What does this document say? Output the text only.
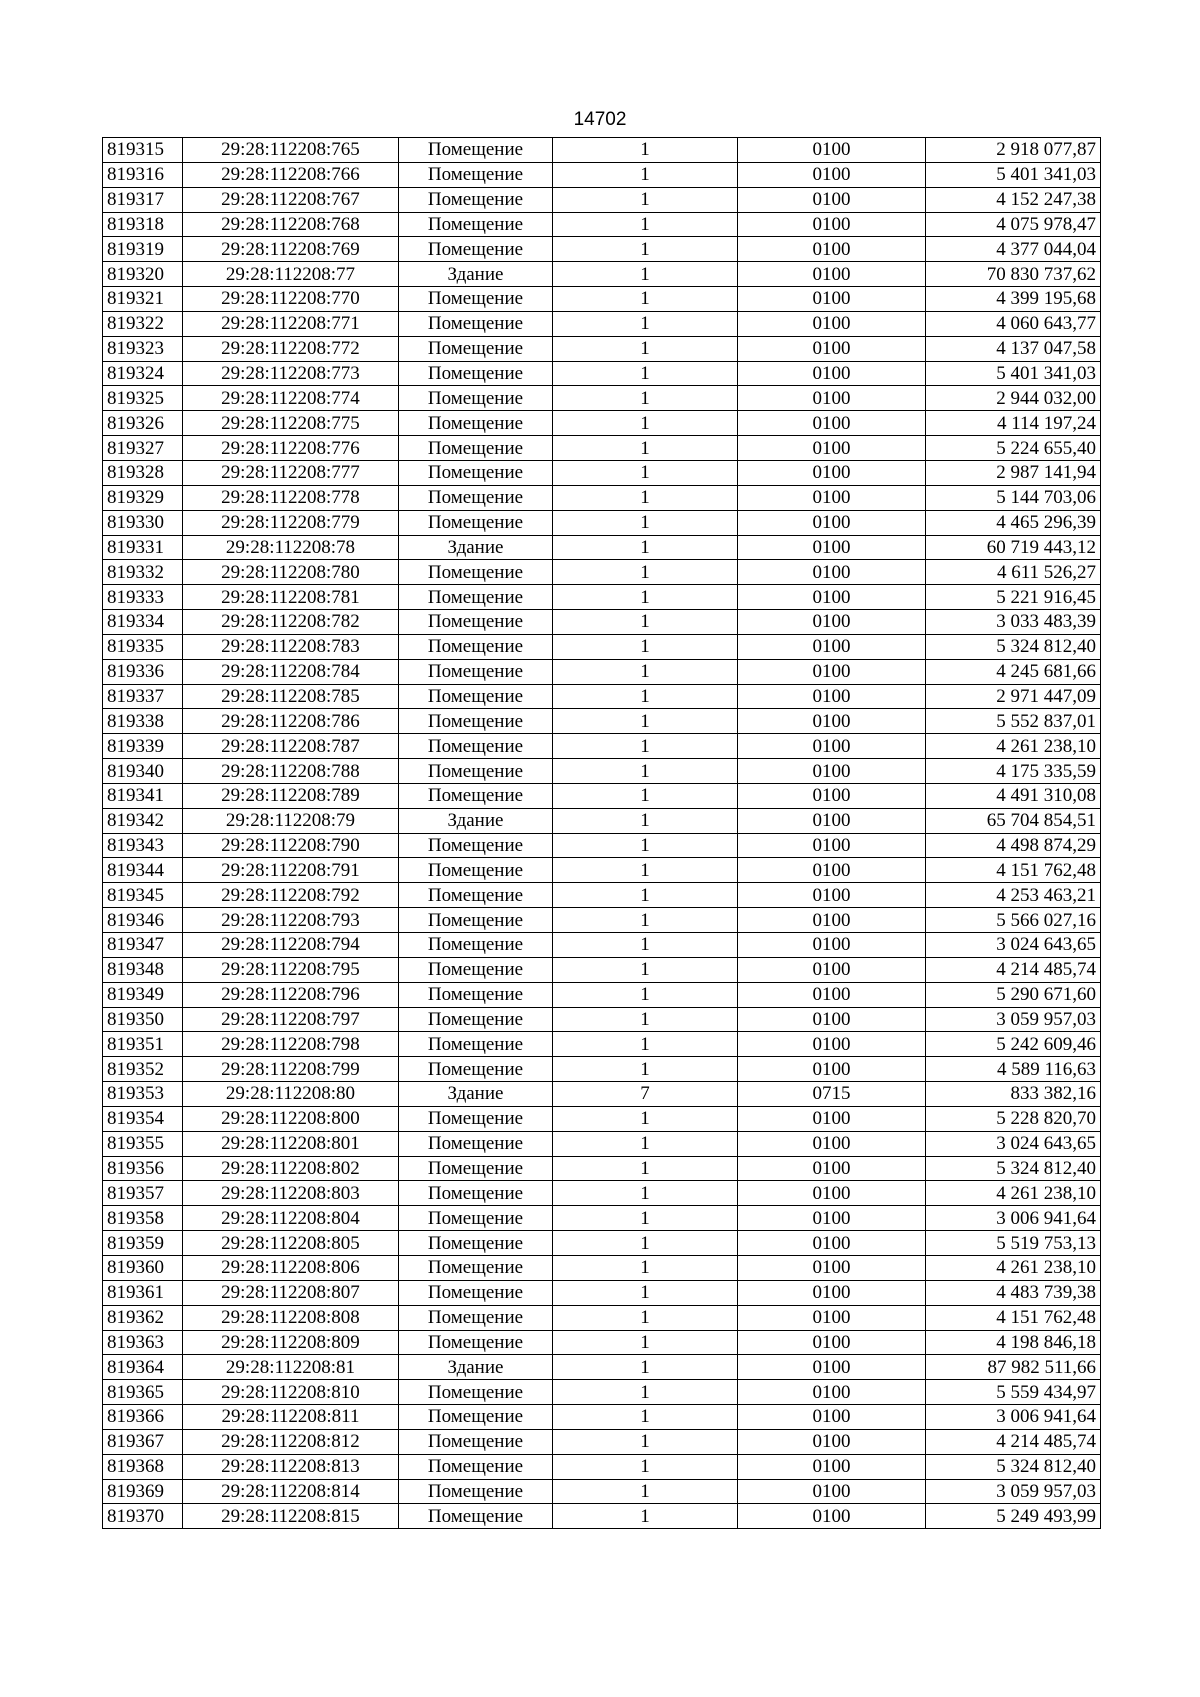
14702
819315	29:28:112208:765	Помещение	1	0100	2 918 077,87
819316	29:28:112208:766	Помещение	1	0100	5 401 341,03
819317	29:28:112208:767	Помещение	1	0100	4 152 247,38
819318	29:28:112208:768	Помещение	1	0100	4 075 978,47
819319	29:28:112208:769	Помещение	1	0100	4 377 044,04
819320	29:28:112208:77	Здание	1	0100	70 830 737,62
819321	29:28:112208:770	Помещение	1	0100	4 399 195,68
819322	29:28:112208:771	Помещение	1	0100	4 060 643,77
819323	29:28:112208:772	Помещение	1	0100	4 137 047,58
819324	29:28:112208:773	Помещение	1	0100	5 401 341,03
819325	29:28:112208:774	Помещение	1	0100	2 944 032,00
819326	29:28:112208:775	Помещение	1	0100	4 114 197,24
819327	29:28:112208:776	Помещение	1	0100	5 224 655,40
819328	29:28:112208:777	Помещение	1	0100	2 987 141,94
819329	29:28:112208:778	Помещение	1	0100	5 144 703,06
819330	29:28:112208:779	Помещение	1	0100	4 465 296,39
819331	29:28:112208:78	Здание	1	0100	60 719 443,12
819332	29:28:112208:780	Помещение	1	0100	4 611 526,27
819333	29:28:112208:781	Помещение	1	0100	5 221 916,45
819334	29:28:112208:782	Помещение	1	0100	3 033 483,39
819335	29:28:112208:783	Помещение	1	0100	5 324 812,40
819336	29:28:112208:784	Помещение	1	0100	4 245 681,66
819337	29:28:112208:785	Помещение	1	0100	2 971 447,09
819338	29:28:112208:786	Помещение	1	0100	5 552 837,01
819339	29:28:112208:787	Помещение	1	0100	4 261 238,10
819340	29:28:112208:788	Помещение	1	0100	4 175 335,59
819341	29:28:112208:789	Помещение	1	0100	4 491 310,08
819342	29:28:112208:79	Здание	1	0100	65 704 854,51
819343	29:28:112208:790	Помещение	1	0100	4 498 874,29
819344	29:28:112208:791	Помещение	1	0100	4 151 762,48
819345	29:28:112208:792	Помещение	1	0100	4 253 463,21
819346	29:28:112208:793	Помещение	1	0100	5 566 027,16
819347	29:28:112208:794	Помещение	1	0100	3 024 643,65
819348	29:28:112208:795	Помещение	1	0100	4 214 485,74
819349	29:28:112208:796	Помещение	1	0100	5 290 671,60
819350	29:28:112208:797	Помещение	1	0100	3 059 957,03
819351	29:28:112208:798	Помещение	1	0100	5 242 609,46
819352	29:28:112208:799	Помещение	1	0100	4 589 116,63
819353	29:28:112208:80	Здание	7	0715	833 382,16
819354	29:28:112208:800	Помещение	1	0100	5 228 820,70
819355	29:28:112208:801	Помещение	1	0100	3 024 643,65
819356	29:28:112208:802	Помещение	1	0100	5 324 812,40
819357	29:28:112208:803	Помещение	1	0100	4 261 238,10
819358	29:28:112208:804	Помещение	1	0100	3 006 941,64
819359	29:28:112208:805	Помещение	1	0100	5 519 753,13
819360	29:28:112208:806	Помещение	1	0100	4 261 238,10
819361	29:28:112208:807	Помещение	1	0100	4 483 739,38
819362	29:28:112208:808	Помещение	1	0100	4 151 762,48
819363	29:28:112208:809	Помещение	1	0100	4 198 846,18
819364	29:28:112208:81	Здание	1	0100	87 982 511,66
819365	29:28:112208:810	Помещение	1	0100	5 559 434,97
819366	29:28:112208:811	Помещение	1	0100	3 006 941,64
819367	29:28:112208:812	Помещение	1	0100	4 214 485,74
819368	29:28:112208:813	Помещение	1	0100	5 324 812,40
819369	29:28:112208:814	Помещение	1	0100	3 059 957,03
819370	29:28:112208:815	Помещение	1	0100	5 249 493,99
